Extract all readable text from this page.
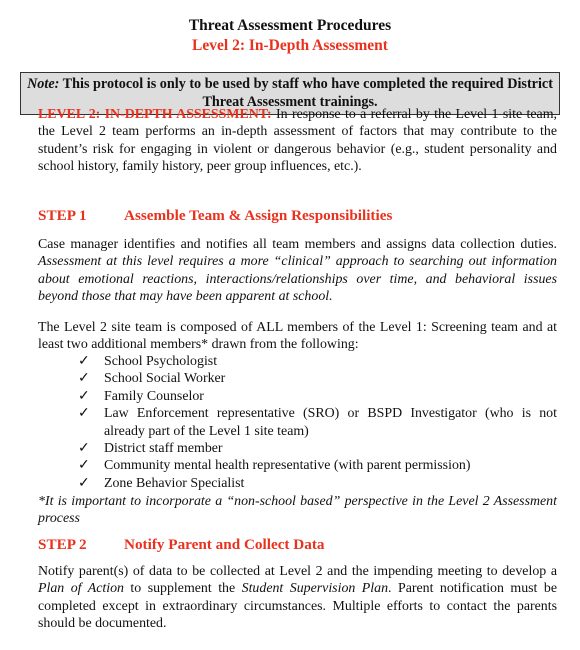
Threat Assessment Procedures
Level 2: In-Depth Assessment
Note: This protocol is only to be used by staff who have completed the required District Threat Assessment trainings.

LEVEL 2: IN-DEPTH ASSESSMENT: In response to a referral by the Level 1 site team, the Level 2 team performs an in-depth assessment of factors that may contribute to the student’s risk for engaging in violent or dangerous behavior (e.g., student personality and school history, family history, peer group influences, etc.).

STEP 1 Assemble Team & Assign Responsibilities

Case manager identifies and notifies all team members and assigns data collection duties. Assessment at this level requires a more “clinical” approach to searching out information about emotional reactions, interactions/relationships over time, and behavioral issues beyond those that may have been apparent at school.

The Level 2 site team is composed of ALL members of the Level 1: Screening team and at least two additional members* drawn from the following:

✓ School Psychologist
✓ School Social Worker
✓ Family Counselor
✓ Law Enforcement representative (SRO) or BSPD Investigator (who is not already part of the Level 1 site team)
✓ District staff member
✓ Community mental health representative (with parent permission)
✓ Zone Behavior Specialist

*It is important to incorporate a “non-school based” perspective in the Level 2 Assessment process

STEP 2 Notify Parent and Collect Data

Notify parent(s) of data to be collected at Level 2 and the impending meeting to develop a Plan of Action to supplement the Student Supervision Plan. Parent notification must be completed except in extraordinary circumstances. Multiple efforts to contact the parents should be documented.
